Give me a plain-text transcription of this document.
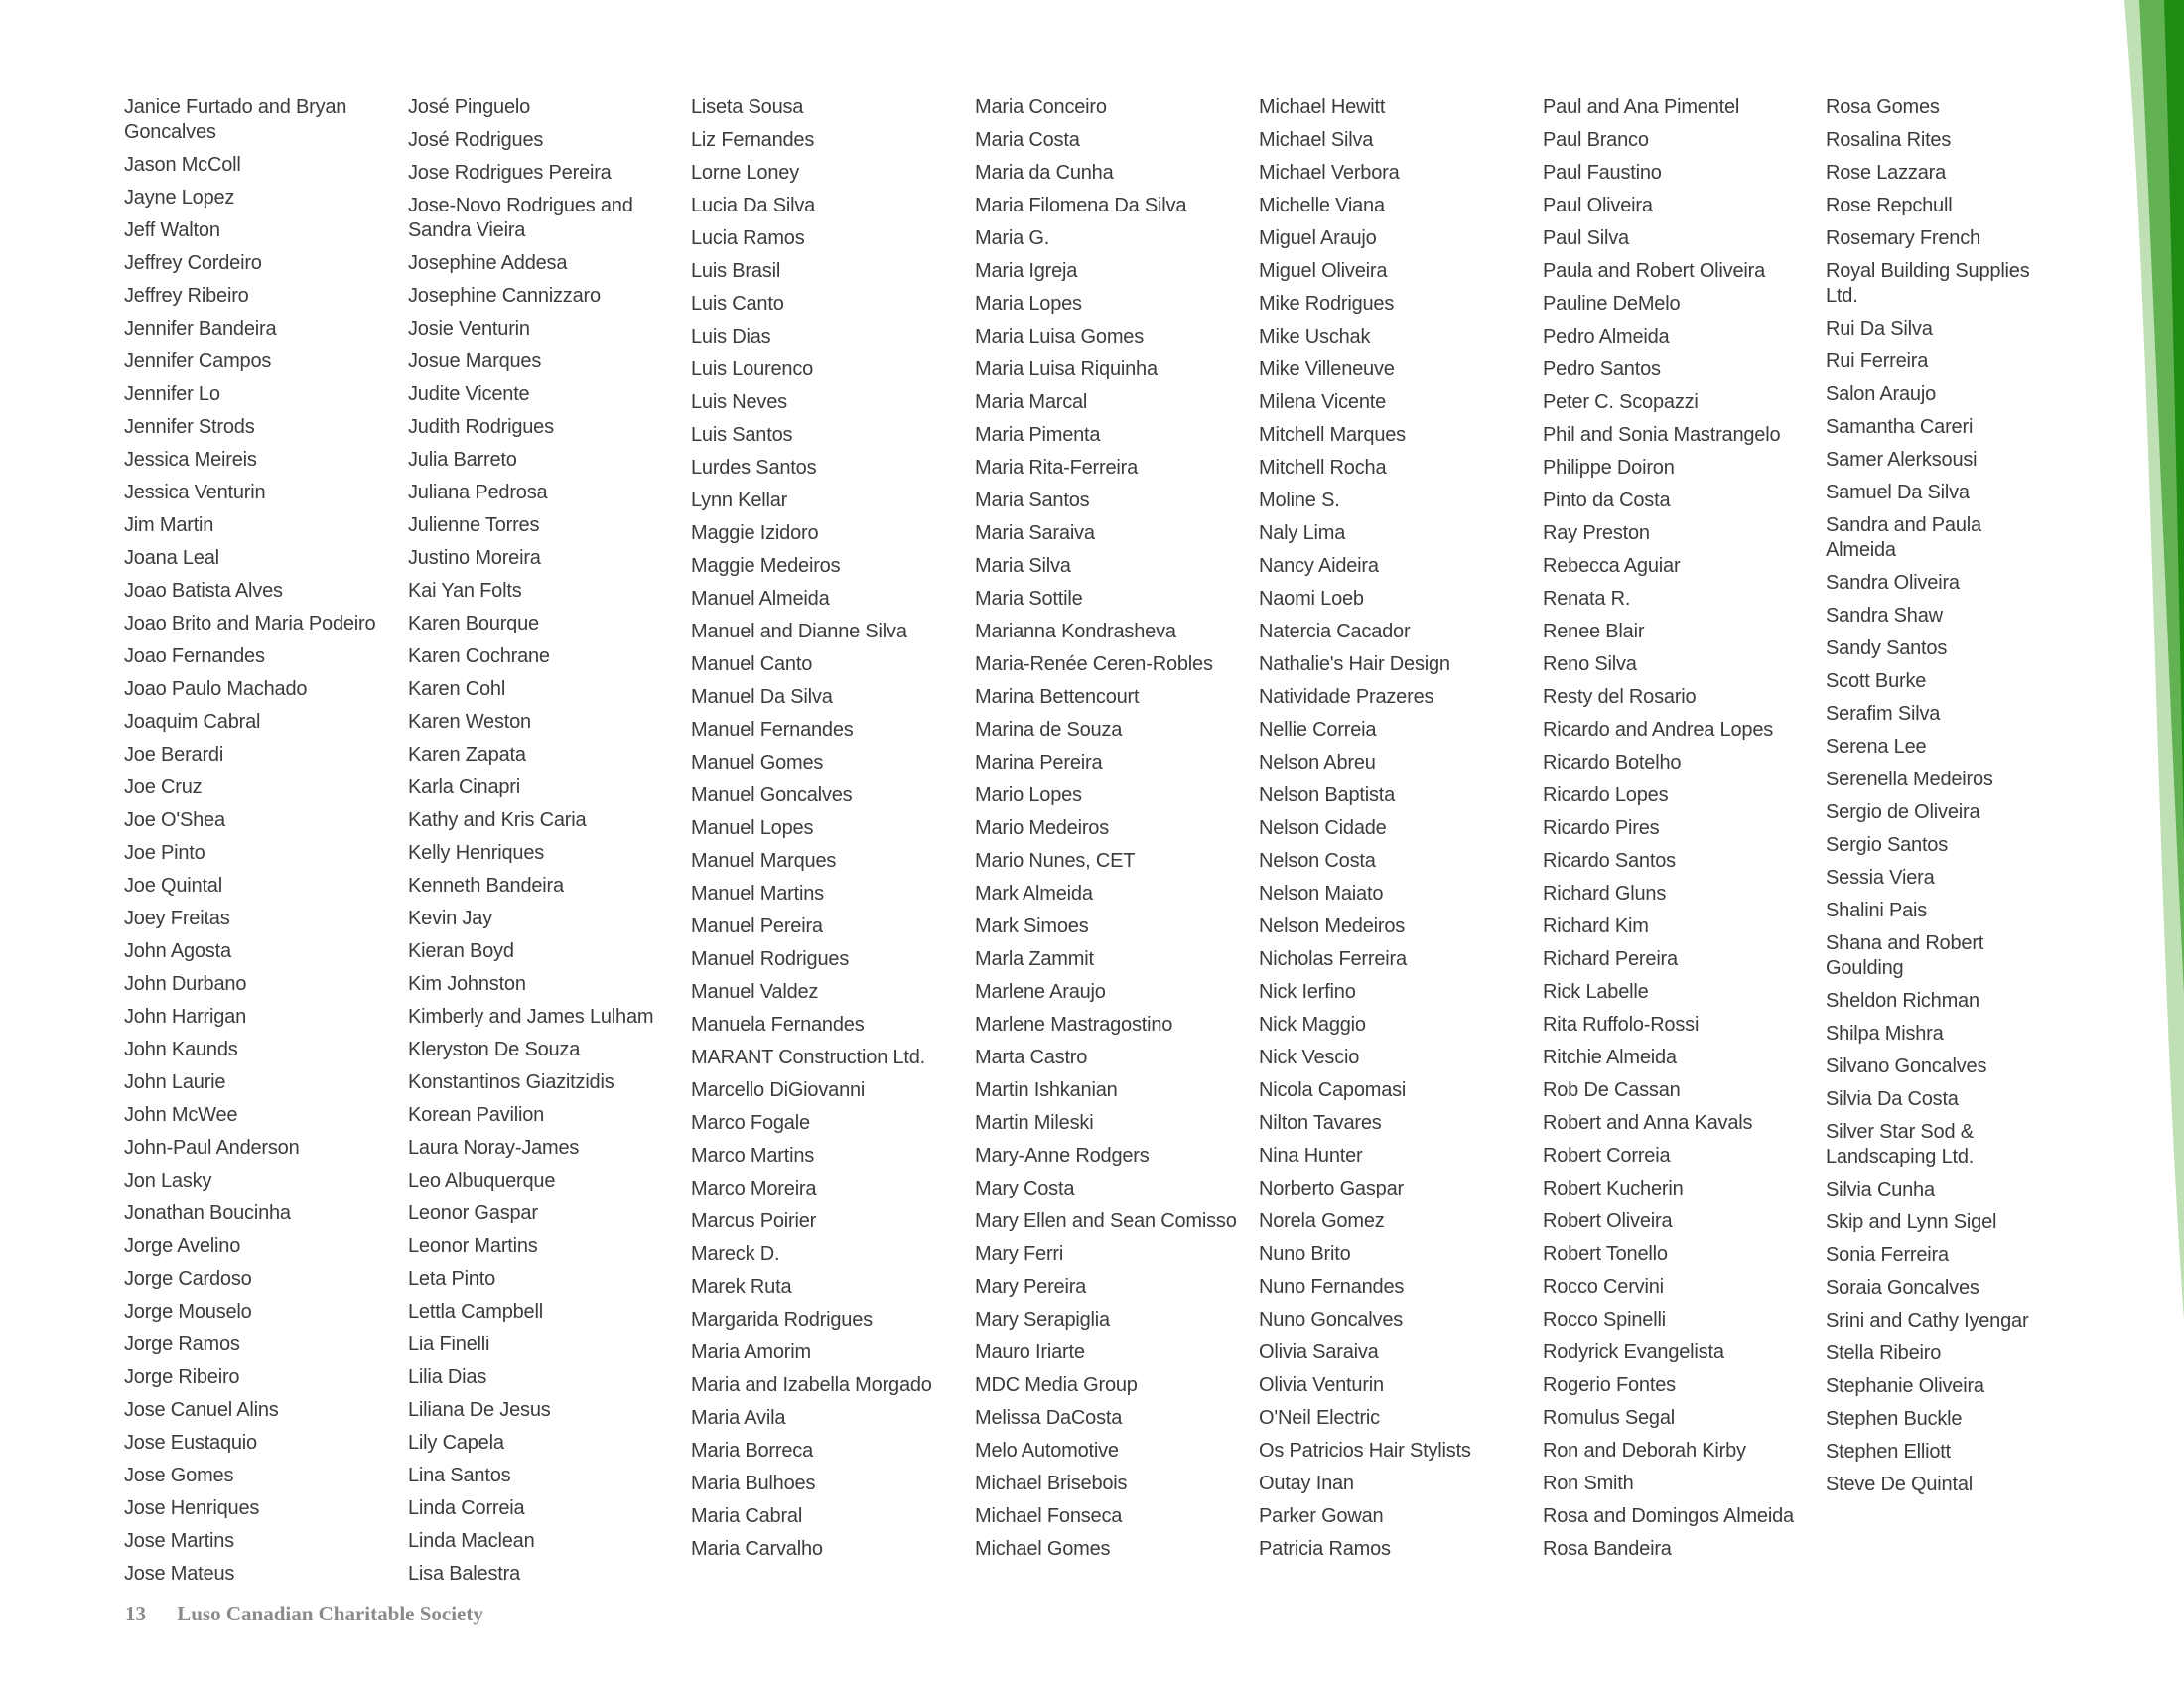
Janice Furtado and Bryan Goncalves
Jason McColl
Jayne Lopez
Jeff Walton
Jeffrey Cordeiro
Jeffrey Ribeiro
Jennifer Bandeira
Jennifer Campos
Jennifer Lo
Jennifer Strods
Jessica Meireis
Jessica Venturin
Jim Martin
Joana Leal
Joao Batista Alves
Joao Brito and Maria Podeiro
Joao Fernandes
Joao Paulo Machado
Joaquim Cabral
Joe Berardi
Joe Cruz
Joe O'Shea
Joe Pinto
Joe Quintal
Joey Freitas
John Agosta
John Durbano
John Harrigan
John Kaunds
John Laurie
John McWee
John-Paul Anderson
Jon Lasky
Jonathan Boucinha
Jorge Avelino
Jorge Cardoso
Jorge Mouselo
Jorge Ramos
Jorge Ribeiro
Jose Canuel Alins
Jose Eustaquio
Jose Gomes
Jose Henriques
Jose Martins
Jose Mateus
José Pinguelo
José Rodrigues
Jose Rodrigues Pereira
Jose-Novo Rodrigues and Sandra Vieira
Josephine Addesa
Josephine Cannizzaro
Josie Venturin
Josue Marques
Judite Vicente
Judith Rodrigues
Julia Barreto
Juliana Pedrosa
Julienne Torres
Justino Moreira
Kai Yan Folts
Karen Bourque
Karen Cochrane
Karen Cohl
Karen Weston
Karen Zapata
Karla Cinapri
Kathy and Kris Caria
Kelly Henriques
Kenneth Bandeira
Kevin Jay
Kieran Boyd
Kim Johnston
Kimberly and James Lulham
Kleryston De Souza
Konstantinos Giazitzidis
Korean Pavilion
Laura Noray-James
Leo Albuquerque
Leonor Gaspar
Leonor Martins
Leta Pinto
Lettla Campbell
Lia Finelli
Lilia Dias
Liliana De Jesus
Lily Capela
Lina Santos
Linda Correia
Linda Maclean
Lisa Balestra
Liseta Sousa
Liz Fernandes
Lorne Loney
Lucia Da Silva
Lucia Ramos
Luis Brasil
Luis Canto
Luis Dias
Luis Lourenco
Luis Neves
Luis Santos
Lurdes Santos
Lynn Kellar
Maggie Izidoro
Maggie Medeiros
Manuel Almeida
Manuel and Dianne Silva
Manuel Canto
Manuel Da Silva
Manuel Fernandes
Manuel Gomes
Manuel Goncalves
Manuel Lopes
Manuel Marques
Manuel Martins
Manuel Pereira
Manuel Rodrigues
Manuel Valdez
Manuela Fernandes
MARANT Construction Ltd.
Marcello DiGiovanni
Marco Fogale
Marco Martins
Marco Moreira
Marcus Poirier
Mareck D.
Marek Ruta
Margarida Rodrigues
Maria Amorim
Maria and Izabella Morgado
Maria Avila
Maria Borreca
Maria Bulhoes
Maria Cabral
Maria Carvalho
Maria Conceiro
Maria Costa
Maria da Cunha
Maria Filomena Da Silva
Maria G.
Maria Igreja
Maria Lopes
Maria Luisa Gomes
Maria Luisa Riquinha
Maria Marcal
Maria Pimenta
Maria Rita-Ferreira
Maria Santos
Maria Saraiva
Maria Silva
Maria Sottile
Marianna Kondrasheva
Maria-Renée Ceren-Robles
Marina Bettencourt
Marina de Souza
Marina Pereira
Mario Lopes
Mario Medeiros
Mario Nunes, CET
Mark Almeida
Mark Simoes
Marla Zammit
Marlene Araujo
Marlene Mastragostino
Marta Castro
Martin Ishkanian
Martin Mileski
Mary-Anne Rodgers
Mary Costa
Mary Ellen and Sean Comisso
Mary Ferri
Mary Pereira
Mary Serapiglia
Mauro Iriarte
MDC Media Group
Melissa DaCosta
Melo Automotive
Michael Brisebois
Michael Fonseca
Michael Gomes
Michael Hewitt
Michael Silva
Michael Verbora
Michelle Viana
Miguel Araujo
Miguel Oliveira
Mike Rodrigues
Mike Uschak
Mike Villeneuve
Milena Vicente
Mitchell Marques
Mitchell Rocha
Moline S.
Naly Lima
Nancy Aideira
Naomi Loeb
Natercia Cacador
Nathalie's Hair Design
Natividade Prazeres
Nellie Correia
Nelson Abreu
Nelson Baptista
Nelson Cidade
Nelson Costa
Nelson Maiato
Nelson Medeiros
Nicholas Ferreira
Nick Ierfino
Nick Maggio
Nick Vescio
Nicola Capomasi
Nilton Tavares
Nina Hunter
Norberto Gaspar
Norela Gomez
Nuno Brito
Nuno Fernandes
Nuno Goncalves
Olivia Saraiva
Olivia Venturin
O'Neil Electric
Os Patricios Hair Stylists
Outay Inan
Parker Gowan
Patricia Ramos
Paul and Ana Pimentel
Paul Branco
Paul Faustino
Paul Oliveira
Paul Silva
Paula and Robert Oliveira
Pauline DeMelo
Pedro Almeida
Pedro Santos
Peter C. Scopazzi
Phil and Sonia Mastrangelo
Philippe Doiron
Pinto da Costa
Ray Preston
Rebecca Aguiar
Renata R.
Renee Blair
Reno Silva
Resty del Rosario
Ricardo and Andrea Lopes
Ricardo Botelho
Ricardo Lopes
Ricardo Pires
Ricardo Santos
Richard Gluns
Richard Kim
Richard Pereira
Rick Labelle
Rita Ruffolo-Rossi
Ritchie Almeida
Rob De Cassan
Robert and Anna Kavals
Robert Correia
Robert Kucherin
Robert Oliveira
Robert Tonello
Rocco Cervini
Rocco Spinelli
Rodyrick Evangelista
Rogerio Fontes
Romulus Segal
Ron and Deborah Kirby
Ron Smith
Rosa and Domingos Almeida
Rosa Bandeira
Rosa Gomes
Rosalina Rites
Rose Lazzara
Rose Repchull
Rosemary French
Royal Building Supplies Ltd.
Rui Da Silva
Rui Ferreira
Salon Araujo
Samantha Careri
Samer Alerksousi
Samuel Da Silva
Sandra and Paula Almeida
Sandra Oliveira
Sandra Shaw
Sandy Santos
Scott Burke
Serafim Silva
Serena Lee
Serenella Medeiros
Sergio de Oliveira
Sergio Santos
Sessia Viera
Shalini Pais
Shana and Robert Goulding
Sheldon Richman
Shilpa Mishra
Silvano Goncalves
Silvia Da Costa
Silver Star Sod & Landscaping Ltd.
Silvia Cunha
Skip and Lynn Sigel
Sonia Ferreira
Soraia Goncalves
Srini and Cathy Iyengar
Stella Ribeiro
Stephanie Oliveira
Stephen Buckle
Stephen Elliott
Steve De Quintal
13 Luso Canadian Charitable Society
